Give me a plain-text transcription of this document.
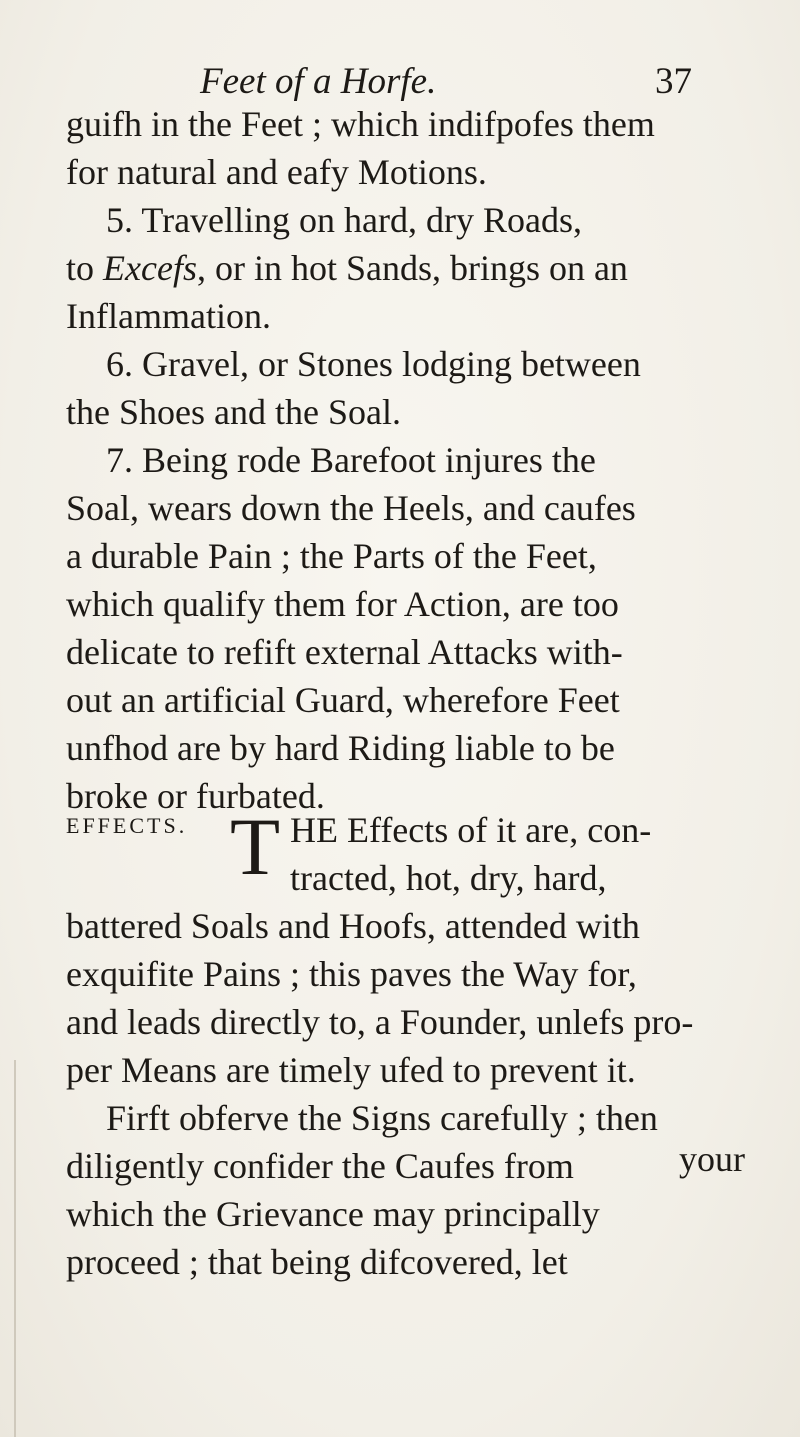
Feet of a Horfe.	37
guifh in the Feet ; which indifpofes them
for natural and eafy Motions.
5. Travelling on hard, dry Roads,
to Excefs, or in hot Sands, brings on an
Inflammation.
6. Gravel, or Stones lodging between
the Shoes and the Soal.
7. Being rode Barefoot injures the
Soal, wears down the Heels, and caufes
a durable Pain ; the Parts of the Feet,
which qualify them for Action, are too
delicate to refift external Attacks with-
out an artificial Guard, wherefore Feet
unfhod are by hard Riding liable to be
broke or furbated.
EFFECTS. T HE Effects of it are, con-
tracted, hot, dry, hard,
battered Soals and Hoofs, attended with
exquifite Pains ; this paves the Way for,
and leads directly to, a Founder, unlefs pro-
per Means are timely ufed to prevent it.
Firft obferve the Signs carefully ; then
diligently confider the Caufes from
which the Grievance may principally
proceed ; that being difcovered, let
your
